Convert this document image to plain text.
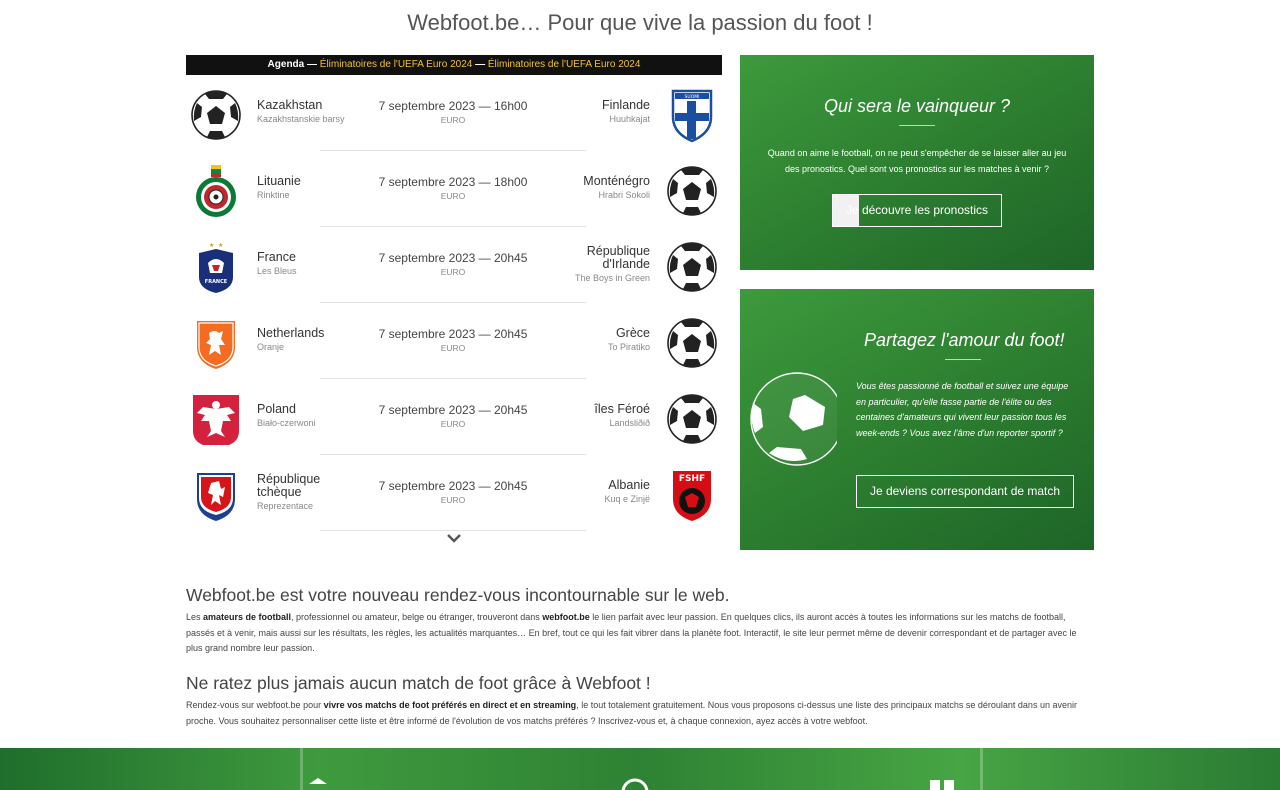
Webfoot.be… Pour que vive la passion du foot !
Agenda — Éliminatoires de l'UEFA Euro 2024 — Éliminatoires de l'UEFA Euro 2024
Kazakhstan
Kazakhstanskie barsy
7 septembre 2023 — 16h00
EURO
Finlande
Huuhkajat
SUOMI
Lituanie
Rinktine
7 septembre 2023 — 18h00
EURO
Monténégro
Hrabri Sokoli
★ ★
FRANCE
France
Les Bleus
7 septembre 2023 — 20h45
EURO
République d'Irlande
The Boys in Green
Netherlands
Oranje
7 septembre 2023 — 20h45
EURO
Grèce
To Piratiko
Poland
Biało-czerwoni
7 septembre 2023 — 20h45
EURO
îles Féroé
Landsliðið
République tchèque
Reprezentace
7 septembre 2023 — 20h45
EURO
Albanie
Kuq e Zinjë
FSHF
Qui sera le vainqueur ?

Quand on aime le football, on ne peut s'empêcher de se laisser aller au jeu des pronostics. Quel sont vos pronostics sur les matches à venir ?

Je découvre les pronostics
Partagez l'amour du foot!

Vous êtes passionné de football et suivez une équipe en particulier, qu'elle fasse partie de l'élite ou des centaines d'amateurs qui vivent leur passion tous les week-ends ? Vous avez l'âme d'un reporter sportif ?

Je deviens correspondant de match
Webfoot.be est votre nouveau rendez-vous incontournable sur le web.

Les amateurs de football, professionnel ou amateur, belge ou étranger, trouveront dans webfoot.be le lien parfait avec leur passion. En quelques clics, ils auront accès à toutes les informations sur les matchs de football, passés et à venir, mais aussi sur les résultats, les règles, les actualités marquantes… En bref, tout ce qui les fait vibrer dans la planète foot. Interactif, le site leur permet même de devenir correspondant et de partager avec le plus grand nombre leur passion.

Ne ratez plus jamais aucun match de foot grâce à Webfoot !

Rendez-vous sur webfoot.be pour vivre vos matchs de foot préférés en direct et en streaming, le tout totalement gratuitement. Nous vous proposons ci-dessus une liste des principaux matchs se déroulant dans un avenir proche. Vous souhaitez personnaliser cette liste et être informé de l'évolution de vos matchs préférés ? Inscrivez-vous et, à chaque connexion, ayez accès à votre webfoot.
